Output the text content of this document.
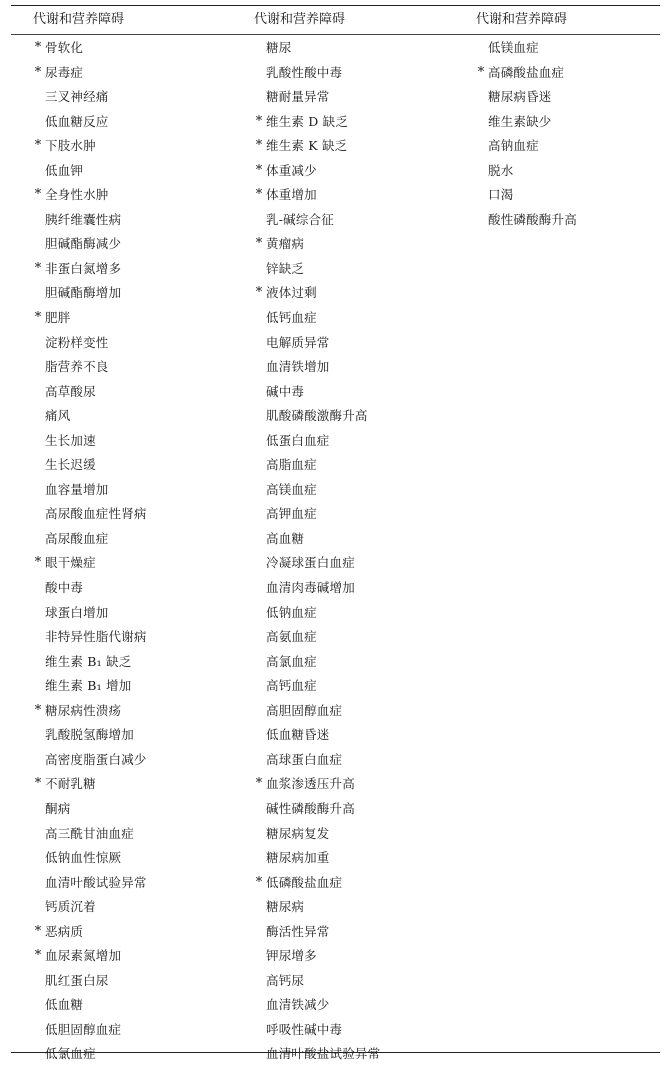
代谢和营养障碍	代谢和营养障碍	代谢和营养障碍
* 骨软化
* 尿毒症
三叉神经痛
低血糖反应
* 下肢水肿
低血钾
* 全身性水肿
胰纤维囊性病
胆碱酯酶减少
* 非蛋白氮增多
胆碱酯酶增加
* 肥胖
淀粉样变性
脂营养不良
高草酸尿
痛风
生长加速
生长迟缓
血容量增加
高尿酸血症性肾病
高尿酸血症
* 眼干燥症
酸中毒
球蛋白增加
非特异性脂代谢病
维生素 B₁ 缺乏
维生素 B₁ 增加
* 糖尿病性溃疡
乳酸脱氢酶增加
高密度脂蛋白减少
* 不耐乳糖
酮病
高三酰甘油血症
低钠血性惊厥
血清叶酸试验异常
钙质沉着
* 恶病质
* 血尿素氮增加
肌红蛋白尿
低血糖
低胆固醇血症
低氯血症
糖尿
乳酸性酸中毒
糖耐量异常
* 维生素 D 缺乏
* 维生素 K 缺乏
* 体重减少
* 体重增加
乳-碱综合征
* 黄瘤病
锌缺乏
* 液体过剩
低钙血症
电解质异常
血清铁增加
碱中毒
肌酸磷酸激酶升高
低蛋白血症
高脂血症
高镁血症
高钾血症
高血糖
冷凝球蛋白血症
血清肉毒碱增加
低钠血症
高氨血症
高氯血症
高钙血症
高胆固醇血症
低血糖昏迷
高球蛋白血症
* 血浆渗透压升高
碱性磷酸酶升高
糖尿病复发
糖尿病加重
* 低磷酸盐血症
糖尿病
酶活性异常
钾尿增多
高钙尿
血清铁减少
呼吸性碱中毒
血清叶酸盐试验异常
低镁血症
* 高磷酸盐血症
糖尿病昏迷
维生素缺少
高钠血症
脱水
口渴
酸性磷酸酶升高
